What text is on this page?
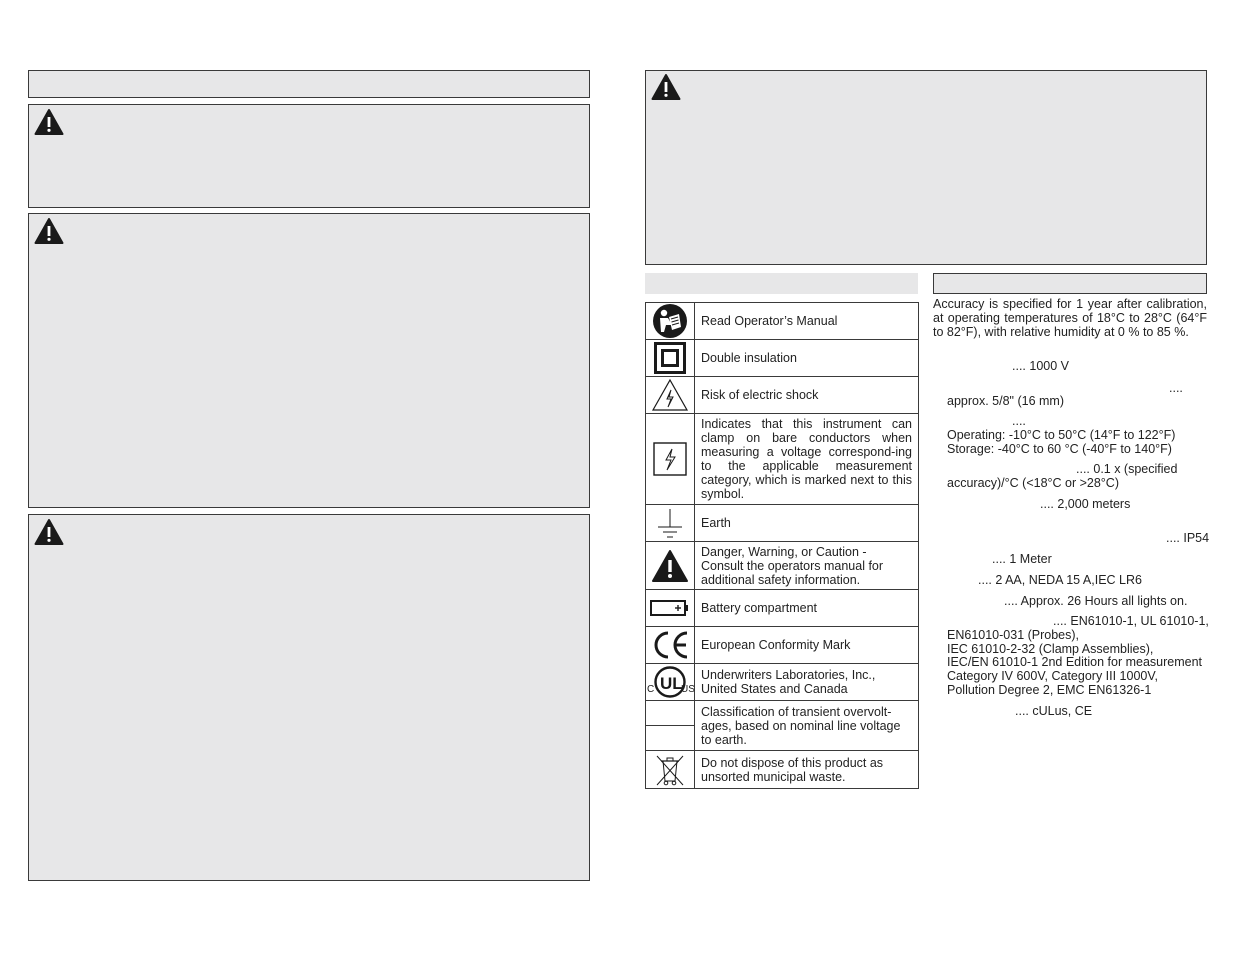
	Read Operator’s Manual

	Double insulation

	Risk of electric shock

	Indicates that this instrument can clamp on bare conductors when measuring a voltage correspond-ing to the applicable measurement category, which is marked next to this symbol.

	Earth

	Danger, Warning, or Caution - Consult the operators manual for additional safety information.

	Battery compartment

	European Conformity Mark

C UL
US	Underwriters Laboratories, Inc., United States and Canada
	Classification of transient overvolt-ages, based on nominal line voltage to earth.

	Do not dispose of this product as unsorted municipal waste.
Accuracy is specified for 1 year after calibration, at operating temperatures of 18°C to 28°C (64°F to 82°F), with relative humidity at 0 % to 85 %.
.... 1000 V
....
approx. 5/8" (16 mm)
....
Operating: -10°C to 50°C (14°F to 122°F)
Storage: -40°C to 60 °C (-40°F to 140°F)
.... 0.1 x (specified
accuracy)/°C (<18°C or >28°C)
.... 2,000 meters
.... IP54
.... 1 Meter
.... 2 AA, NEDA 15 A,IEC LR6
.... Approx. 26 Hours all lights on.
.... EN61010-1, UL 61010-1,
EN61010-031 (Probes),
IEC 61010-2-32 (Clamp Assemblies),
IEC/EN 61010-1 2nd Edition for measurement
Category IV 600V, Category III 1000V,
Pollution Degree 2, EMC EN61326-1
.... cULus, CE
